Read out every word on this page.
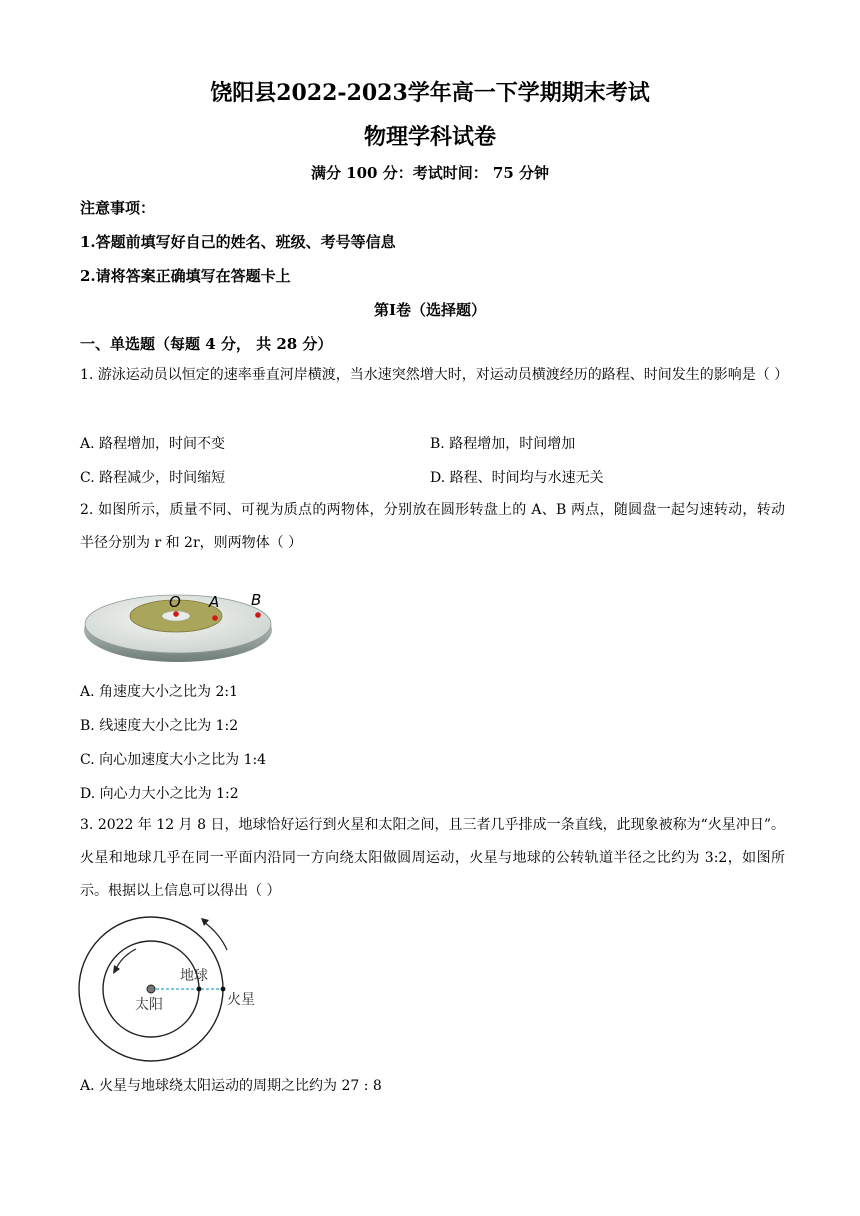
饶阳县2022-2023学年高一下学期期末考试
物理学科试卷
满分 100 分：考试时间： 75 分钟
注意事项：
1.答题前填写好自己的姓名、班级、考号等信息
2.请将答案正确填写在答题卡上
第Ⅰ卷（选择题）
一、单选题（每题 4 分， 共 28 分）
1. 游泳运动员以恒定的速率垂直河岸横渡，当水速突然增大时，对运动员横渡经历的路程、时间发生的影响是（ ）
A. 路程增加，时间不变	B. 路程增加，时间增加
C. 路程减少，时间缩短	D. 路程、时间均与水速无关
2. 如图所示，质量不同、可视为质点的两物体，分别放在圆形转盘上的 A、B 两点，随圆盘一起匀速转动，转动半径分别为 r 和 2r，则两物体（ ）
O A B
A. 角速度大小之比为 2:1
B. 线速度大小之比为 1:2
C. 向心加速度大小之比为 1:4
D. 向心力大小之比为 1:2
3. 2022 年 12 月 8 日，地球恰好运行到火星和太阳之间，且三者几乎排成一条直线，此现象被称为“火星冲日”。火星和地球几乎在同一平面内沿同一方向绕太阳做圆周运动，火星与地球的公转轨道半径之比约为 3:2，如图所示。根据以上信息可以得出（ ）
地球
太阳	火星
A. 火星与地球绕太阳运动的周期之比约为 27 : 8
